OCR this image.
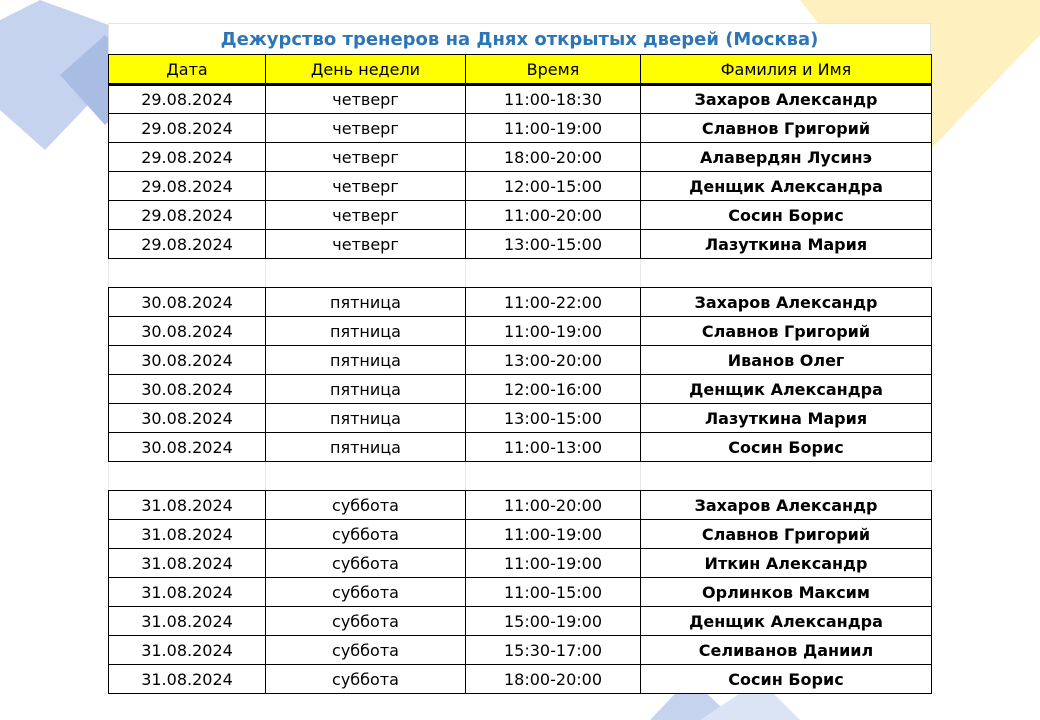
Дежурство тренеров на Днях открытых дверей (Москва)
Дата	День недели	Время	Фамилия и Имя
29.08.2024	четверг	11:00-18:30	Захаров Александр
29.08.2024	четверг	11:00-19:00	Славнов Григорий
29.08.2024	четверг	18:00-20:00	Алавердян Лусинэ
29.08.2024	четверг	12:00-15:00	Денщик Александра
29.08.2024	четверг	11:00-20:00	Сосин Борис
29.08.2024	четверг	13:00-15:00	Лазуткина Мария

30.08.2024	пятница	11:00-22:00	Захаров Александр
30.08.2024	пятница	11:00-19:00	Славнов Григорий
30.08.2024	пятница	13:00-20:00	Иванов Олег
30.08.2024	пятница	12:00-16:00	Денщик Александра
30.08.2024	пятница	13:00-15:00	Лазуткина Мария
30.08.2024	пятница	11:00-13:00	Сосин Борис

31.08.2024	суббота	11:00-20:00	Захаров Александр
31.08.2024	суббота	11:00-19:00	Славнов Григорий
31.08.2024	суббота	11:00-19:00	Иткин Александр
31.08.2024	суббота	11:00-15:00	Орлинков Максим
31.08.2024	суббота	15:00-19:00	Денщик Александра
31.08.2024	суббота	15:30-17:00	Селиванов Даниил
31.08.2024	суббота	18:00-20:00	Сосин Борис
